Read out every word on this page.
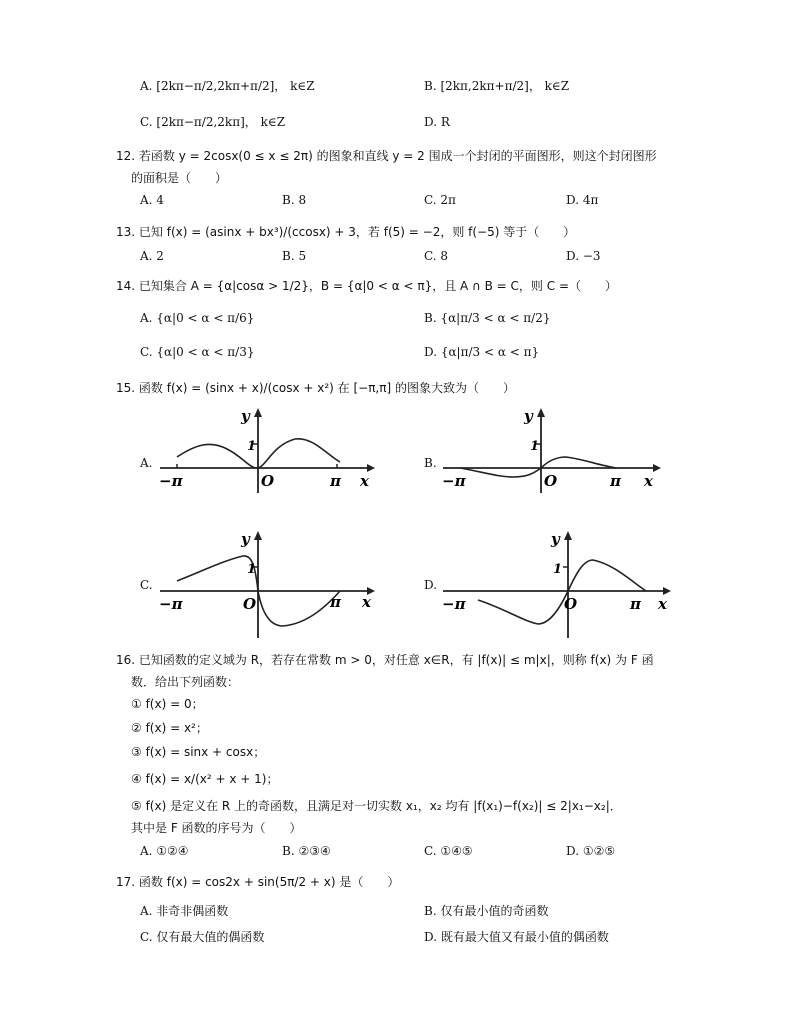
A. [2kπ−π/2,2kπ+π/2]， k∈Z	B. [2kπ,2kπ+π/2]， k∈Z
C. [2kπ−π/2,2kπ]， k∈Z	D. R
12. 若函数 y = 2cosx(0 ≤ x ≤ 2π) 的图象和直线 y = 2 围成一个封闭的平面图形，则这个封闭图形
的面积是（　　）
A. 4	B. 8	C. 2π	D. 4π
13. 已知 f(x) = (asinx + bx³)/(ccosx) + 3，若 f(5) = −2，则 f(−5) 等于（　　）
A. 2	B. 5	C. 8	D. −3
14. 已知集合 A = {α|cosα > 1/2}，B = {α|0 < α < π}，且 A ∩ B = C，则 C =（　　）
A. {α|0 < α < π/6}	B. {α|π/3 < α < π/2}
C. {α|0 < α < π/3}	D. {α|π/3 < α < π}
15. 函数 f(x) = (sinx + x)/(cosx + x²) 在 [−π,π] 的图象大致为（　　）
A.	B.
C.	D.
y
1
O
−π	π x
y
1
O
−π	π x
y
1
O
−π	π x
y
1
O
−π	π x
16. 已知函数的定义域为 R，若存在常数 m > 0，对任意 x∈R，有 |f(x)| ≤ m|x|，则称 f(x) 为 F 函
数．给出下列函数：
① f(x) = 0；
② f(x) = x²；
③ f(x) = sinx + cosx；
④ f(x) = x/(x² + x + 1)；
⑤ f(x) 是定义在 R 上的奇函数，且满足对一切实数 x₁，x₂ 均有 |f(x₁)−f(x₂)| ≤ 2|x₁−x₂|．
其中是 F 函数的序号为（　　）
A. ①②④	B. ②③④	C. ①④⑤	D. ①②⑤
17. 函数 f(x) = cos2x + sin(5π/2 + x) 是（　　）
A. 非奇非偶函数	B. 仅有最小值的奇函数
C. 仅有最大值的偶函数	D. 既有最大值又有最小值的偶函数
